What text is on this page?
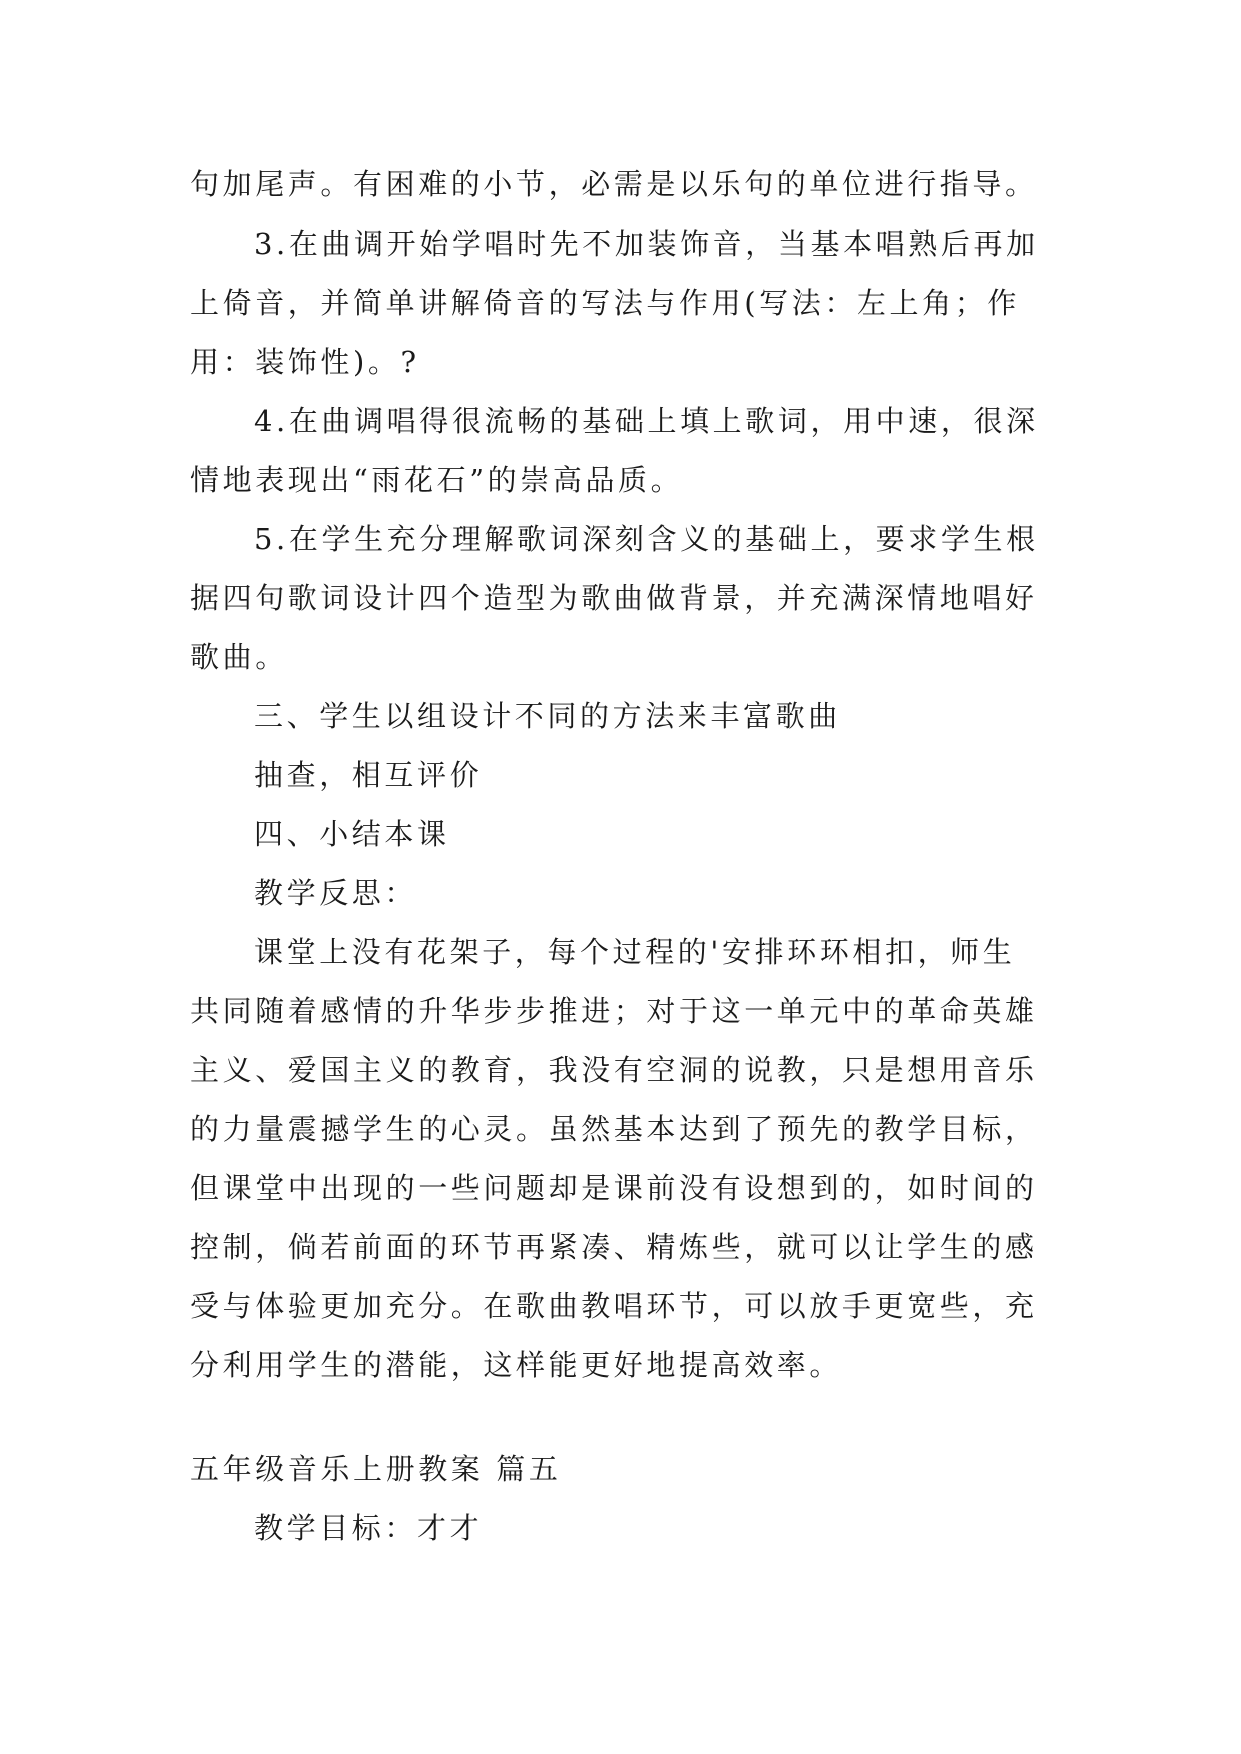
句加尾声。有困难的小节，必需是以乐句的单位进行指导。
3.在曲调开始学唱时先不加装饰音，当基本唱熟后再加
上倚音，并简单讲解倚音的写法与作用(写法：左上角；作
用：装饰性)。?
4.在曲调唱得很流畅的基础上填上歌词，用中速，很深
情地表现出“雨花石”的崇高品质。
5.在学生充分理解歌词深刻含义的基础上，要求学生根
据四句歌词设计四个造型为歌曲做背景，并充满深情地唱好
歌曲。
三、学生以组设计不同的方法来丰富歌曲
抽查，相互评价
四、小结本课
教学反思：
课堂上没有花架子，每个过程的'安排环环相扣，师生
共同随着感情的升华步步推进；对于这一单元中的革命英雄
主义、爱国主义的教育，我没有空洞的说教，只是想用音乐
的力量震撼学生的心灵。虽然基本达到了预先的教学目标，
但课堂中出现的一些问题却是课前没有设想到的，如时间的
控制，倘若前面的环节再紧凑、精炼些，就可以让学生的感
受与体验更加充分。在歌曲教唱环节，可以放手更宽些，充
分利用学生的潜能，这样能更好地提高效率。
五年级音乐上册教案 篇五
教学目标：才才
